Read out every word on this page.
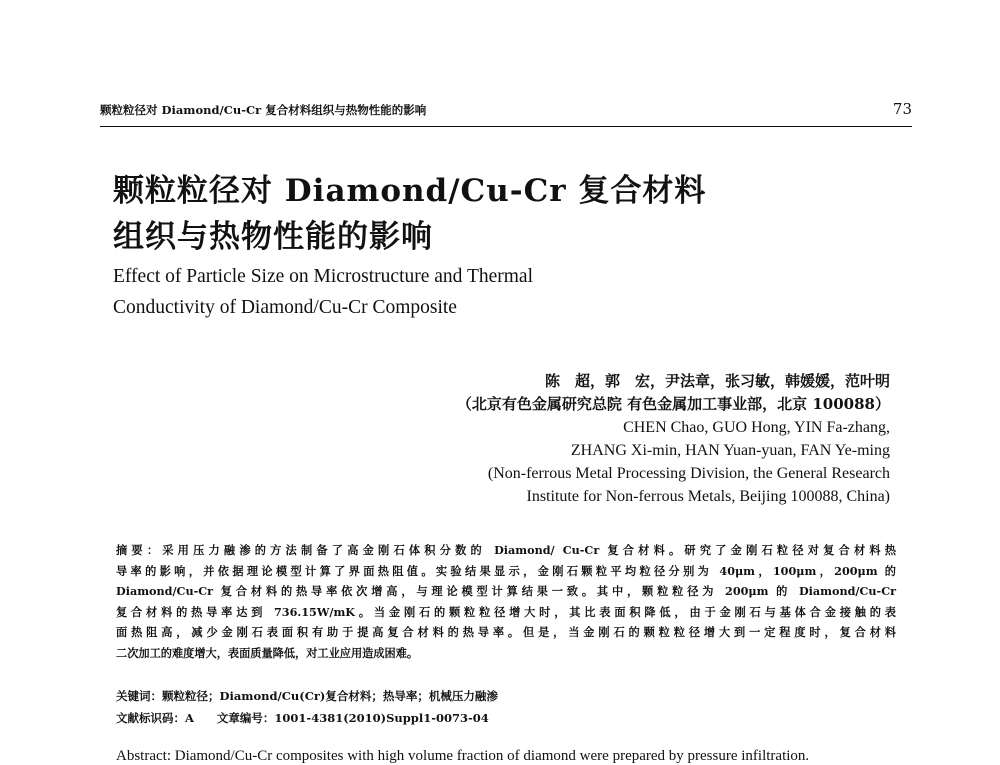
颗粒粒径对 Diamond/Cu-Cr 复合材料组织与热物性能的影响	73
颗粒粒径对 Diamond/Cu-Cr 复合材料
组织与热物性能的影响
Effect of Particle Size on Microstructure and Thermal
Conductivity of Diamond/Cu-Cr Composite
陈　超，郭　宏，尹法章，张习敏，韩媛媛，范叶明
（北京有色金属研究总院 有色金属加工事业部，北京 100088）
CHEN Chao, GUO Hong, YIN Fa-zhang,
ZHANG Xi-min, HAN Yuan-yuan, FAN Ye-ming
(Non-ferrous Metal Processing Division, the General Research
Institute for Non-ferrous Metals, Beijing 100088, China)
摘要：采用压力融渗的方法制备了高金刚石体积分数的 Diamond/ Cu-Cr 复合材料。研究了金刚石粒径对复合材料热
导率的影响，并依据理论模型计算了界面热阻值。实验结果显示，金刚石颗粒平均粒径分别为 40μm，100μm，200μm 的
Diamond/Cu-Cr 复合材料的热导率依次增高，与理论模型计算结果一致。其中，颗粒粒径为 200μm 的 Diamond/Cu-Cr
复合材料的热导率达到 736.15W/mK。当金刚石的颗粒粒径增大时，其比表面积降低，由于金刚石与基体合金接触的表
面热阻高，减少金刚石表面积有助于提高复合材料的热导率。但是，当金刚石的颗粒粒径增大到一定程度时，复合材料
二次加工的难度增大，表面质量降低，对工业应用造成困难。
关键词：颗粒粒径；Diamond/Cu(Cr)复合材料；热导率；机械压力融渗
文献标识码：A　　文章编号：1001-4381(2010)Suppl1-0073-04
Abstract: Diamond/Cu-Cr composites with high volume fraction of diamond were prepared by pressure infiltration.
